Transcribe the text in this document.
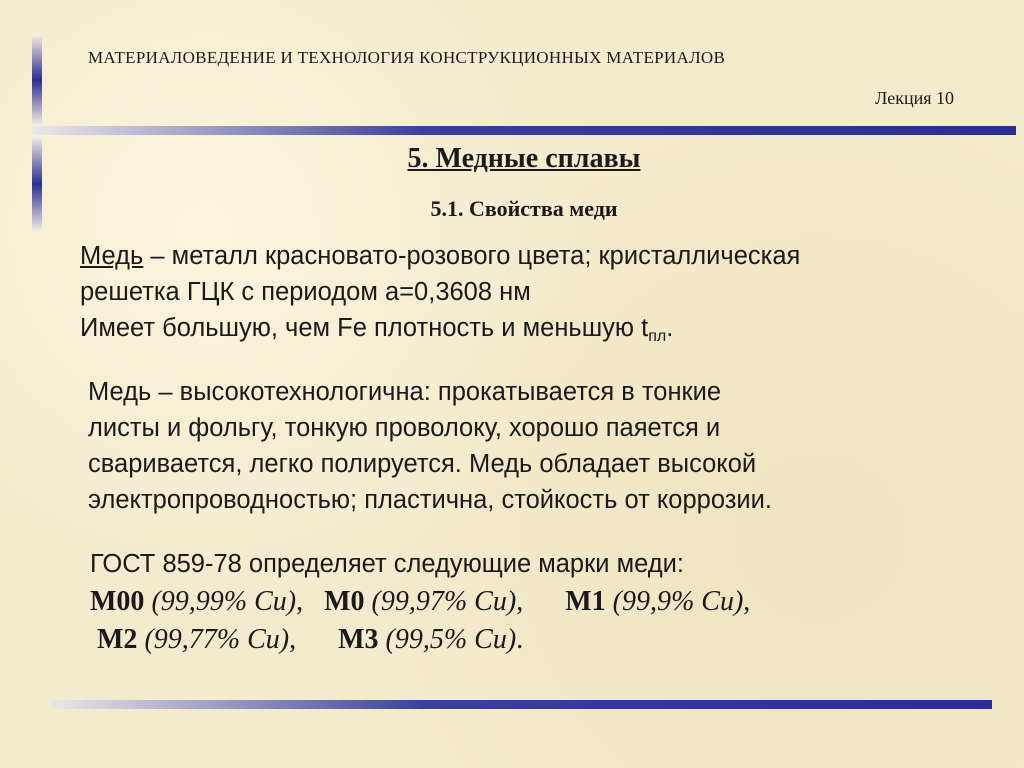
МАТЕРИАЛОВЕДЕНИЕ И ТЕХНОЛОГИЯ КОНСТРУКЦИОННЫХ МАТЕРИАЛОВ
Лекция 10
5. Медные сплавы
5.1. Свойства меди
Медь – металл красновато-розового цвета; кристаллическая
решетка ГЦК с периодом а=0,3608 нм
Имеет большую, чем Fe плотность и меньшую $t_{пл}$.
Медь – высокотехнологична: прокатывается в тонкие
листы и фольгу, тонкую проволоку, хорошо паяется и
сваривается, легко полируется. Медь обладает высокой
электропроводностью; пластична, стойкость от коррозии.
ГОСТ 859-78 определяет следующие марки меди:

М00 (99,99% Cu),   М0 (99,97% Cu),      М1 (99,9% Cu),
М2 (99,77% Cu),      М3 (99,5% Cu).
